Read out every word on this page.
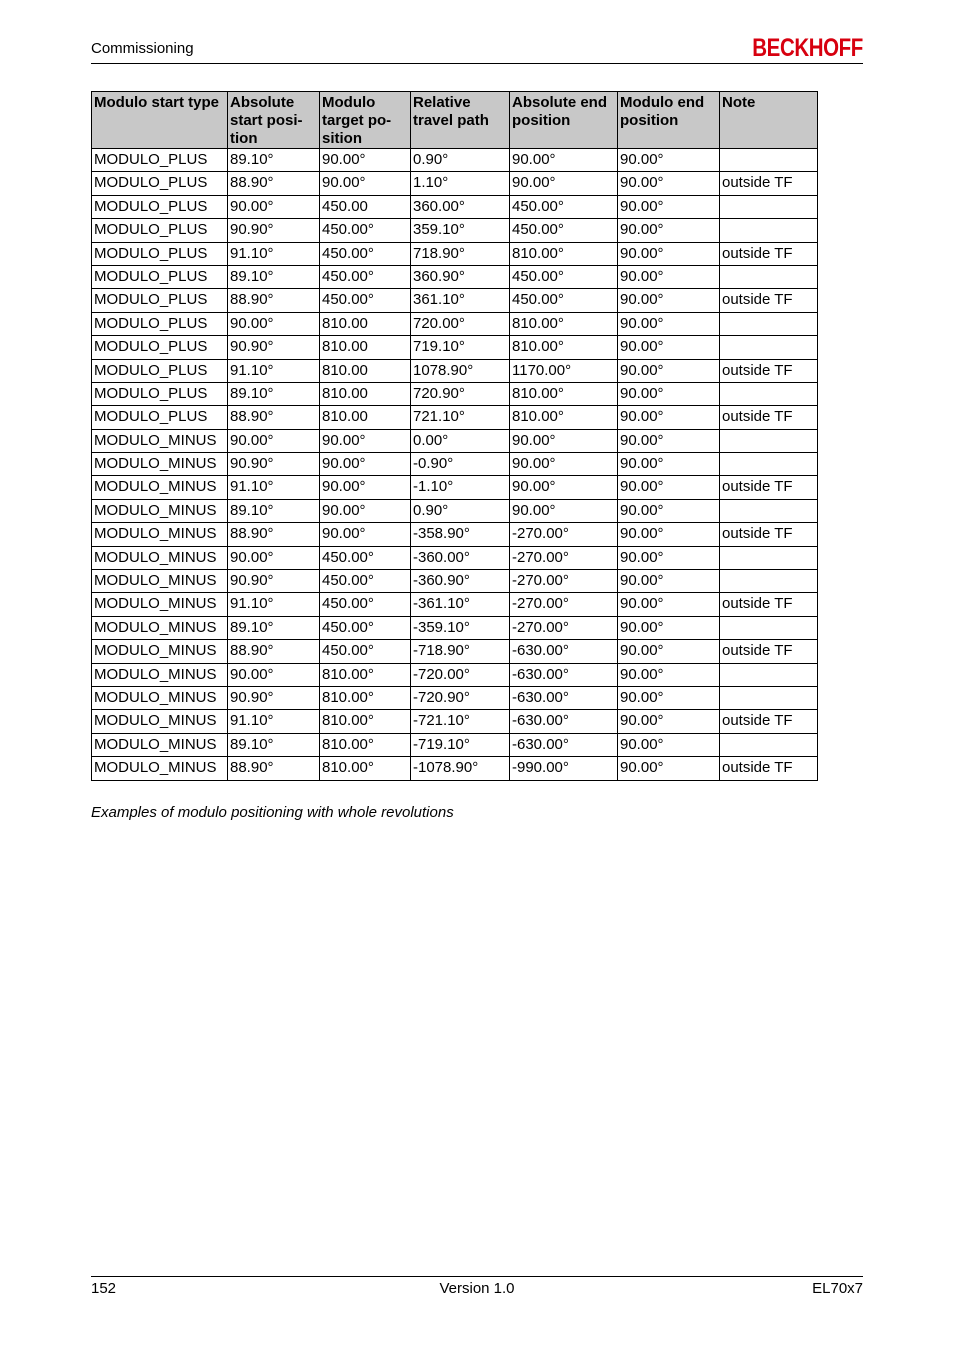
Commissioning	BECKHOFF
Modulo start type	Absolute start posi-tion	Modulo target po-sition	Relative travel path	Absolute end position	Modulo end position	Note
MODULO_PLUS	89.10°	90.00°	0.90°	90.00°	90.00°	
MODULO_PLUS	88.90°	90.00°	1.10°	90.00°	90.00°	outside TF
MODULO_PLUS	90.00°	450.00	360.00°	450.00°	90.00°	
MODULO_PLUS	90.90°	450.00°	359.10°	450.00°	90.00°	
MODULO_PLUS	91.10°	450.00°	718.90°	810.00°	90.00°	outside TF
MODULO_PLUS	89.10°	450.00°	360.90°	450.00°	90.00°	
MODULO_PLUS	88.90°	450.00°	361.10°	450.00°	90.00°	outside TF
MODULO_PLUS	90.00°	810.00	720.00°	810.00°	90.00°	
MODULO_PLUS	90.90°	810.00	719.10°	810.00°	90.00°	
MODULO_PLUS	91.10°	810.00	1078.90°	1170.00°	90.00°	outside TF
MODULO_PLUS	89.10°	810.00	720.90°	810.00°	90.00°	
MODULO_PLUS	88.90°	810.00	721.10°	810.00°	90.00°	outside TF
MODULO_MINUS	90.00°	90.00°	0.00°	90.00°	90.00°	
MODULO_MINUS	90.90°	90.00°	-0.90°	90.00°	90.00°	
MODULO_MINUS	91.10°	90.00°	-1.10°	90.00°	90.00°	outside TF
MODULO_MINUS	89.10°	90.00°	0.90°	90.00°	90.00°	
MODULO_MINUS	88.90°	90.00°	-358.90°	-270.00°	90.00°	outside TF
MODULO_MINUS	90.00°	450.00°	-360.00°	-270.00°	90.00°	
MODULO_MINUS	90.90°	450.00°	-360.90°	-270.00°	90.00°	
MODULO_MINUS	91.10°	450.00°	-361.10°	-270.00°	90.00°	outside TF
MODULO_MINUS	89.10°	450.00°	-359.10°	-270.00°	90.00°	
MODULO_MINUS	88.90°	450.00°	-718.90°	-630.00°	90.00°	outside TF
MODULO_MINUS	90.00°	810.00°	-720.00°	-630.00°	90.00°	
MODULO_MINUS	90.90°	810.00°	-720.90°	-630.00°	90.00°	
MODULO_MINUS	91.10°	810.00°	-721.10°	-630.00°	90.00°	outside TF
MODULO_MINUS	89.10°	810.00°	-719.10°	-630.00°	90.00°	
MODULO_MINUS	88.90°	810.00°	-1078.90°	-990.00°	90.00°	outside TF
Examples of modulo positioning with whole revolutions
152	Version 1.0	EL70x7
